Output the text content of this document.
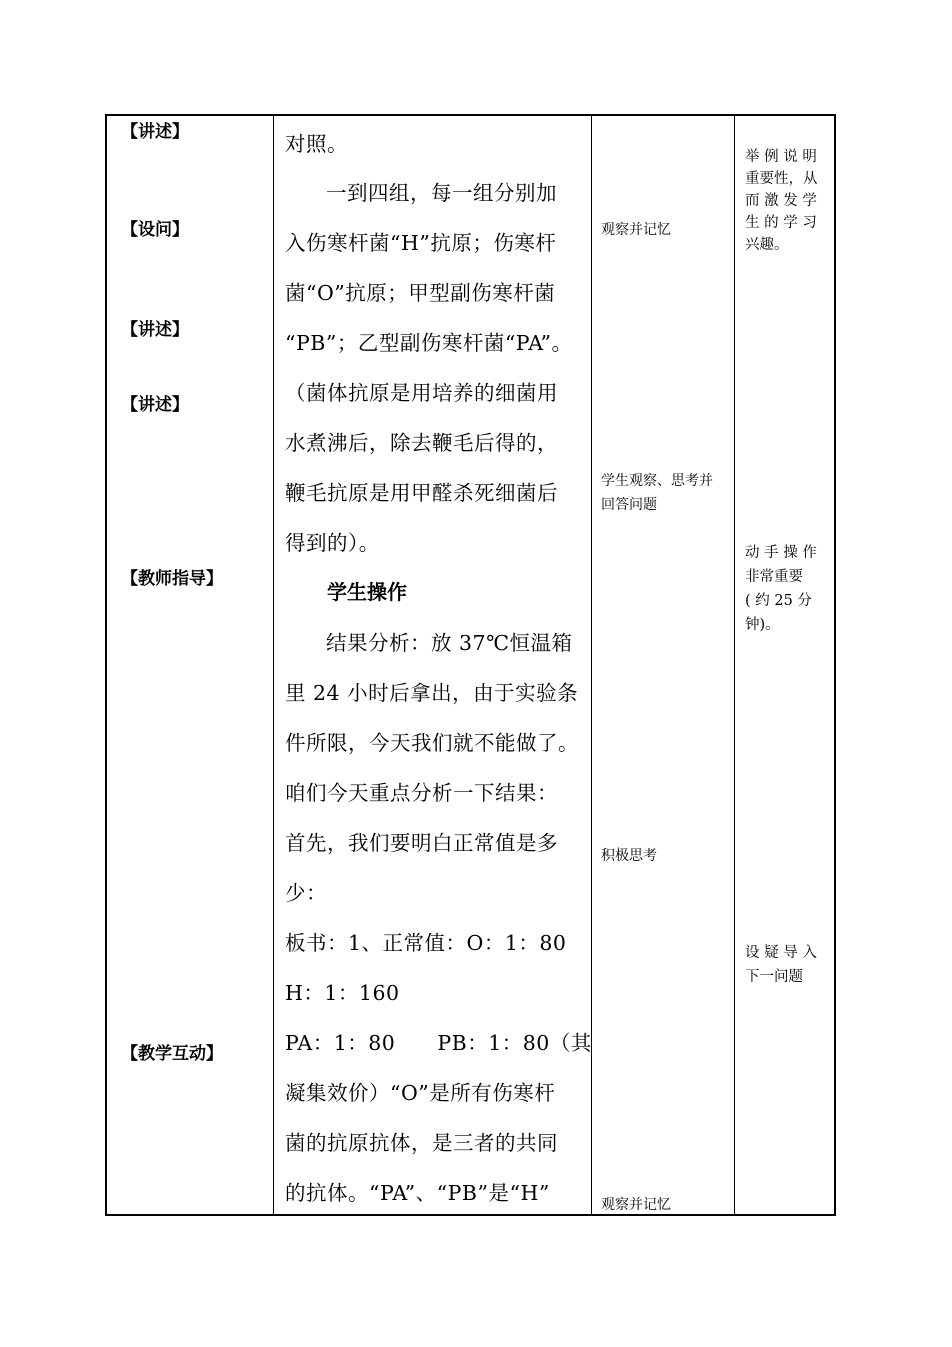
【讲述】
【设问】
【讲述】
【讲述】
【教师指导】
【教学互动】
对照。
一到四组，每一组分别加
入伤寒杆菌“H”抗原；伤寒杆
菌“O”抗原；甲型副伤寒杆菌
“PB”；乙型副伤寒杆菌“PA”。
（菌体抗原是用培养的细菌用
水煮沸后，除去鞭毛后得的，
鞭毛抗原是用甲醛杀死细菌后
得到的）。
学生操作
结果分析：放 37℃恒温箱
里 24 小时后拿出，由于实验条
件所限，今天我们就不能做了。
咱们今天重点分析一下结果：
首先，我们要明白正常值是多
少：
板书：1、正常值：O：1：80
H：1：160
PA：1：80　　PB：1：80（其
凝集效价）“O”是所有伤寒杆
菌的抗原抗体，是三者的共同
的抗体。“PA”、“PB”是“H”
观察并记忆
学生观察、思考并
回答问题
积极思考
观察并记忆
举 例 说 明
重要性，从
而 激 发 学
生 的 学 习
兴趣。
动 手 操 作
非常重要
( 约 25 分
钟)。
设 疑 导 入
下一问题
